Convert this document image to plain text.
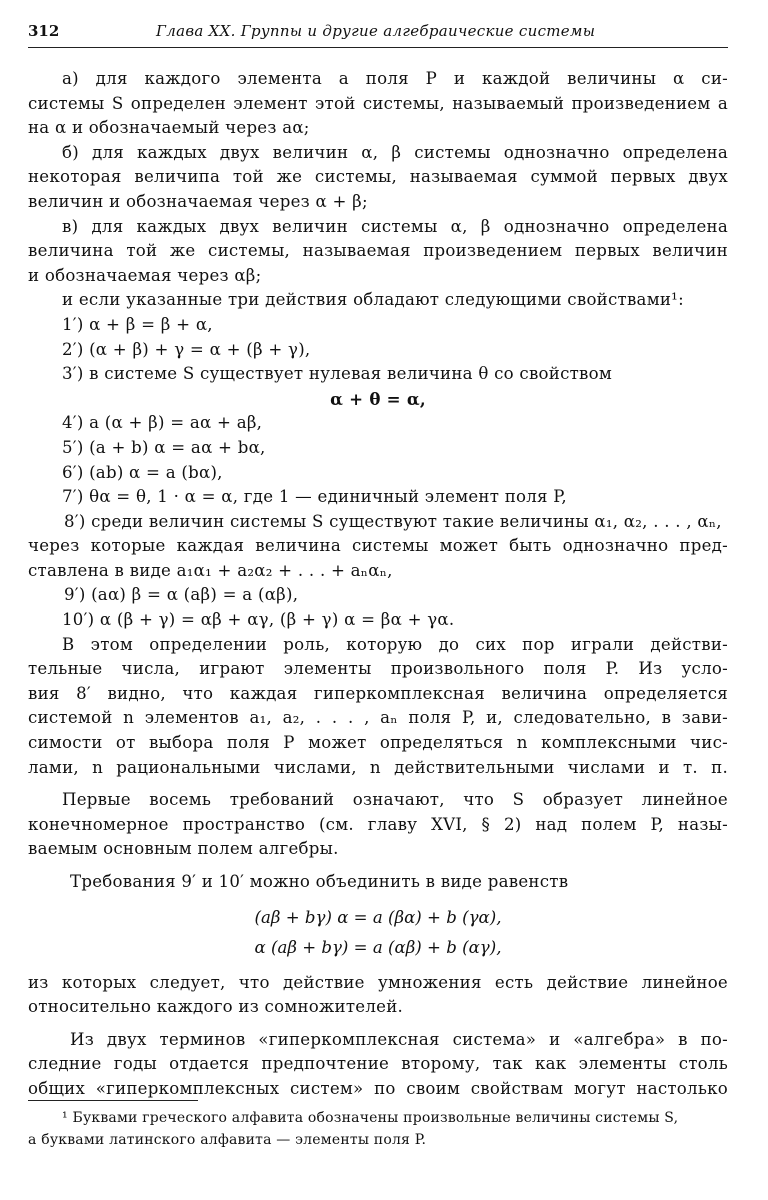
312	Глава XX. Группы и другие алгебраические системы
а) для каждого элемента a поля P и каждой величины α си-
системы S определен элемент этой системы, называемый произведением a
на α и обозначаемый через aα;
б) для каждых двух величин α, β системы однозначно определена
некоторая величипа той же системы, называемая суммой первых двух
величин и обозначаемая через α + β;
в) для каждых двух величин системы α, β однозначно определена
величина той же системы, называемая произведением первых величин
и обозначаемая через αβ;
и если указанные три действия обладают следующими свойствами¹:
1′) α + β = β + α,
2′) (α + β) + γ = α + (β + γ),
3′) в системе S существует нулевая величина θ со свойством
α + θ = α,
4′) a (α + β) = aα + aβ,
5′) (a + b) α = aα + bα,
6′) (ab) α = a (bα),
7′) θα = θ, 1 · α = α, где 1 — единичный элемент поля P,
8′) среди величин системы S существуют такие величины α₁, α₂, . . . , αₙ,
через которые каждая величина системы может быть однозначно пред-
ставлена в виде a₁α₁ + a₂α₂ + . . . + aₙαₙ,
9′) (aα) β = α (aβ) = a (αβ),
10′) α (β + γ) = αβ + αγ, (β + γ) α = βα + γα.
В этом определении роль, которую до сих пор играли действи-
тельные числа, играют элементы произвольного поля P. Из усло-
вия 8′ видно, что каждая гиперкомплексная величина определяется
системой n элементов a₁, a₂, . . . , aₙ поля P, и, следовательно, в зави-
симости от выбора поля P может определяться n комплексными чис-
лами, n рациональными числами, n действительными числами и т. п.
Первые восемь требований означают, что S образует линейное
конечномерное пространство (см. главу XVI, § 2) над полем P, назы-
ваемым основным полем алгебры.
Требования 9′ и 10′ можно объединить в виде равенств
(aβ + bγ) α = a (βα) + b (γα),
α (aβ + bγ) = a (αβ) + b (αγ),
из которых следует, что действие умножения есть действие линейное
относительно каждого из сомножителей.
Из двух терминов «гиперкомплексная система» и «алгебра» в по-
следние годы отдается предпочтение второму, так как элементы столь
общих «гиперкомплексных систем» по своим свойствам могут настолько
¹ Буквами греческого алфавита обозначены произвольные величины системы S,
а буквами латинского алфавита — элементы поля P.
